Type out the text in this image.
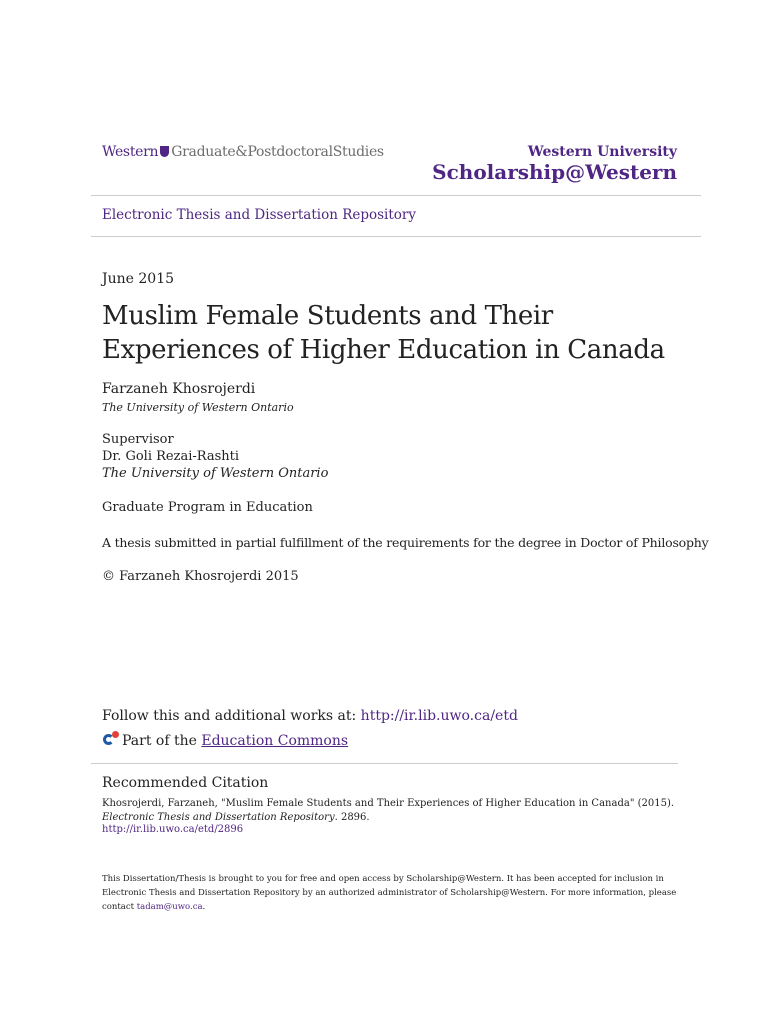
Western Graduate&PostdoctoralStudies	Western University
Scholarship@Western
Electronic Thesis and Dissertation Repository
June 2015
Muslim Female Students and Their Experiences of Higher Education in Canada
Farzaneh Khosrojerdi
The University of Western Ontario
Supervisor
Dr. Goli Rezai-Rashti
The University of Western Ontario
Graduate Program in Education
A thesis submitted in partial fulfillment of the requirements for the degree in Doctor of Philosophy
© Farzaneh Khosrojerdi 2015
Follow this and additional works at: http://ir.lib.uwo.ca/etd
Part of the Education Commons
Recommended Citation
Khosrojerdi, Farzaneh, "Muslim Female Students and Their Experiences of Higher Education in Canada" (2015). Electronic Thesis and Dissertation Repository. 2896.
http://ir.lib.uwo.ca/etd/2896
This Dissertation/Thesis is brought to you for free and open access by Scholarship@Western. It has been accepted for inclusion in Electronic Thesis and Dissertation Repository by an authorized administrator of Scholarship@Western. For more information, please contact tadam@uwo.ca.
